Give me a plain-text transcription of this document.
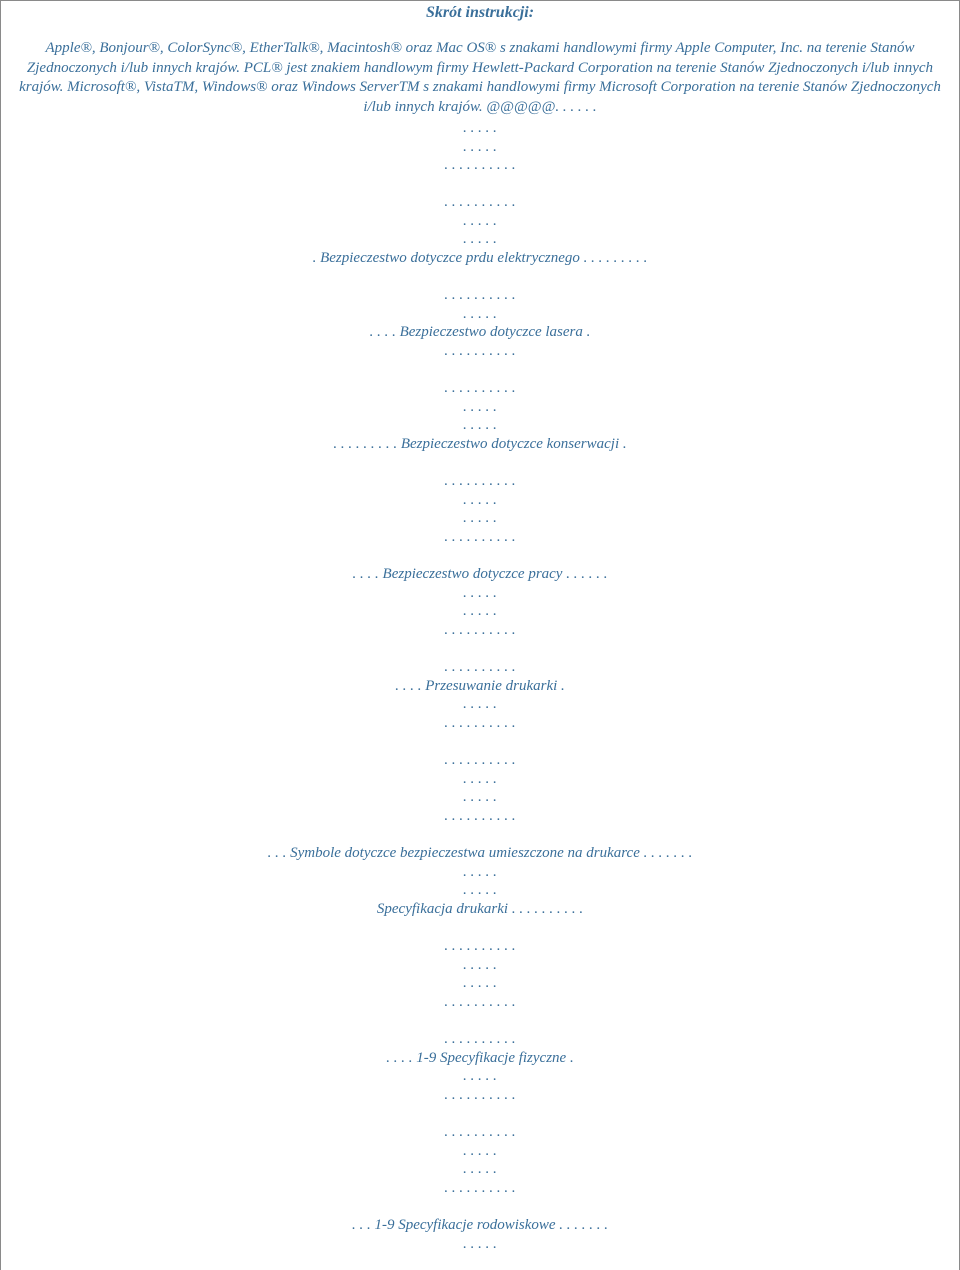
Skrót instrukcji:
Apple®, Bonjour®, ColorSync®, EtherTalk®, Macintosh® oraz Mac OS® s znakami handlowymi firmy Apple Computer, Inc. na terenie Stanów Zjednoczonych i/lub innych krajów. PCL® jest znakiem handlowym firmy Hewlett-Packard Corporation na terenie Stanów Zjednoczonych i/lub innych krajów. Microsoft®, VistaTM, Windows® oraz Windows ServerTM s znakami handlowymi firmy Microsoft Corporation na terenie Stanów Zjednoczonych i/lub innych krajów. @@@@@. . . . . .
. . . . .
. . . . .
. . . . . . . . . .
. . . . . . . . . .
. . . . .
. . . . .
. Bezpieczestwo dotyczce prdu elektrycznego . . . . . . . . .
. . . . . . . . . .
. . . . .
. . . . Bezpieczestwo dotyczce lasera .
. . . . . . . . . .
. . . . . . . . . .
. . . . .
. . . . .
. . . . . . . . . Bezpieczestwo dotyczce konserwacji .
. . . . . . . . . .
. . . . .
. . . . .
. . . . . . . . . .
. . . . Bezpieczestwo dotyczce pracy . . . . . .
. . . . .
. . . . .
. . . . . . . . . .
. . . . . . . . . .
. . . . Przesuwanie drukarki .
. . . . .
. . . . . . . . . .
. . . . . . . . . .
. . . . .
. . . . .
. . . . . . . . . .
. . . Symbole dotyczce bezpieczestwa umieszczone na drukarce . . . . . . .
. . . . .
. . . . .
Specyfikacja drukarki . . . . . . . . . .
. . . . . . . . . .
. . . . .
. . . . .
. . . . . . . . . .
. . . . . . . . . .
. . . . 1-9 Specyfikacje fizyczne .
. . . . .
. . . . . . . . . .
. . . . . . . . . .
. . . . .
. . . . .
. . . . . . . . . .
. . . 1-9 Specyfikacje rodowiskowe . . . . . . .
. . . . .
